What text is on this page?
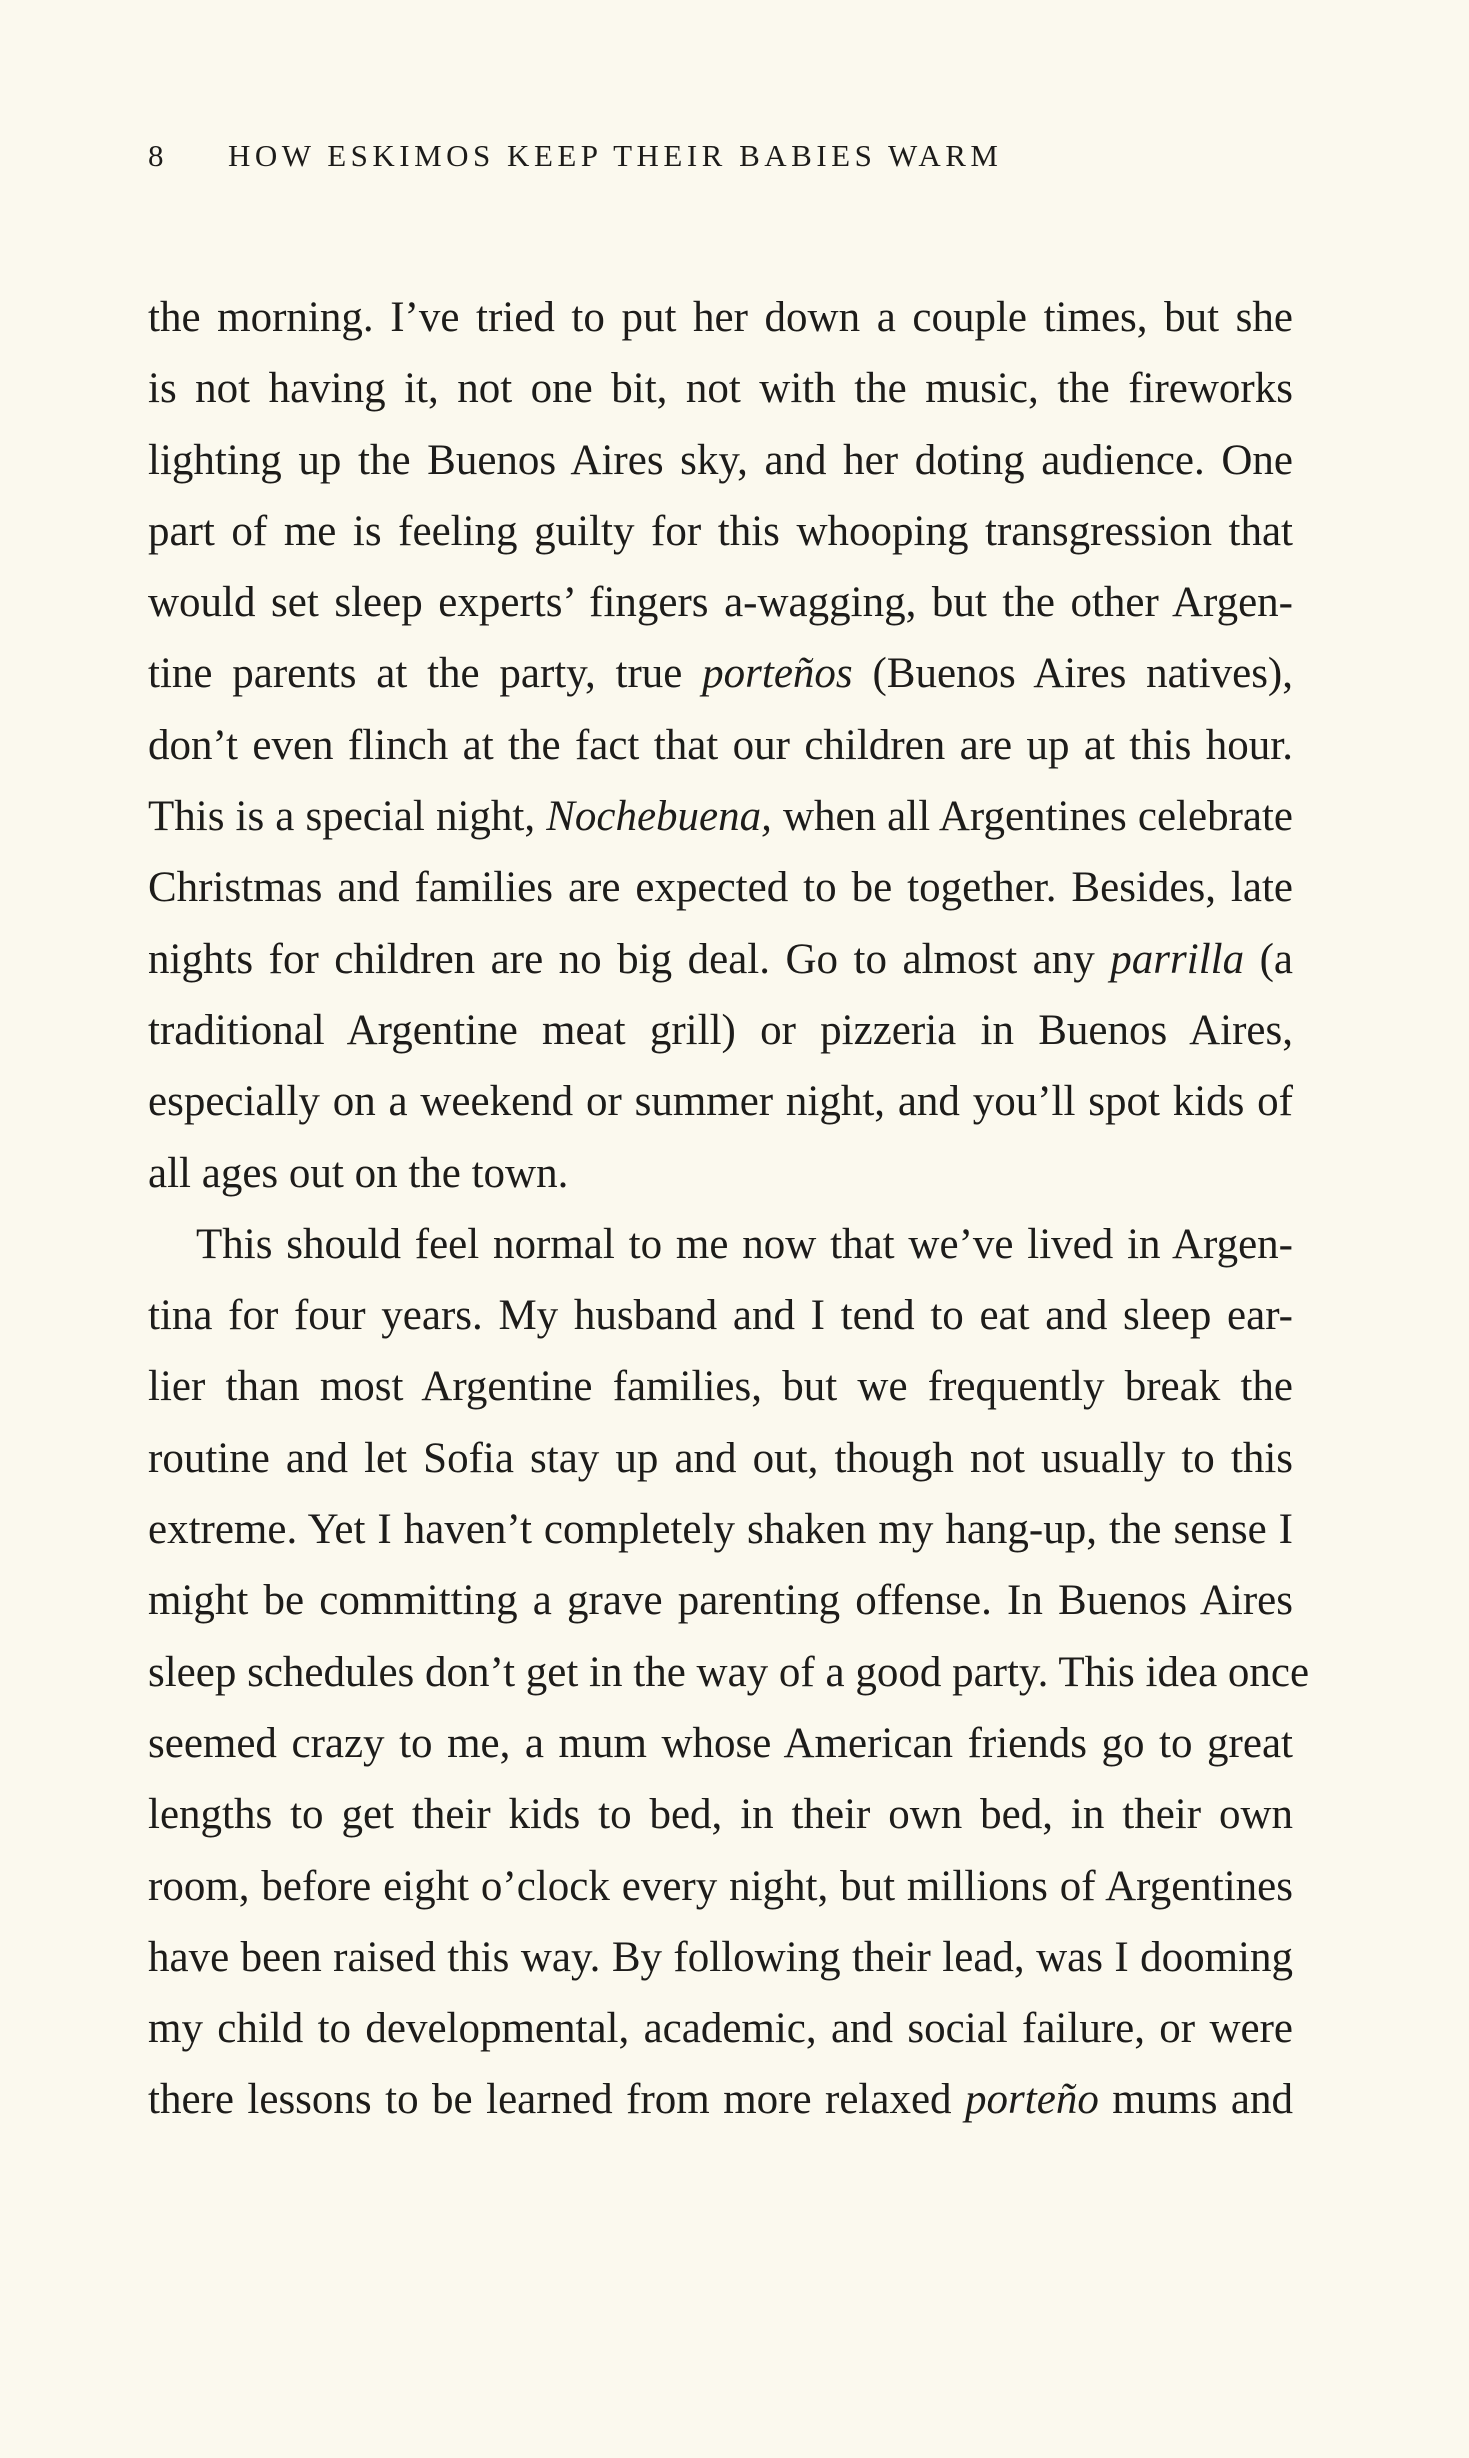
8 HOW ESKIMOS KEEP THEIR BABIES WARM
the morning. I’ve tried to put her down a couple times, but she
is not having it, not one bit, not with the music, the fireworks
lighting up the Buenos Aires sky, and her doting audience. One
part of me is feeling guilty for this whooping transgression that
would set sleep experts’ fingers a-wagging, but the other Argen-
tine parents at the party, true porteños (Buenos Aires natives),
don’t even flinch at the fact that our children are up at this hour.
This is a special night, Nochebuena, when all Argentines celebrate
Christmas and families are expected to be together. Besides, late
nights for children are no big deal. Go to almost any parrilla (a
traditional Argentine meat grill) or pizzeria in Buenos Aires,
especially on a weekend or summer night, and you’ll spot kids of
all ages out on the town.
This should feel normal to me now that we’ve lived in Argen-
tina for four years. My husband and I tend to eat and sleep ear-
lier than most Argentine families, but we frequently break the
routine and let Sofia stay up and out, though not usually to this
extreme. Yet I haven’t completely shaken my hang-up, the sense I
might be committing a grave parenting offense. In Buenos Aires
sleep schedules don’t get in the way of a good party. This idea once
seemed crazy to me, a mum whose American friends go to great
lengths to get their kids to bed, in their own bed, in their own
room, before eight o’clock every night, but millions of Argentines
have been raised this way. By following their lead, was I dooming
my child to developmental, academic, and social failure, or were
there lessons to be learned from more relaxed porteño mums and
